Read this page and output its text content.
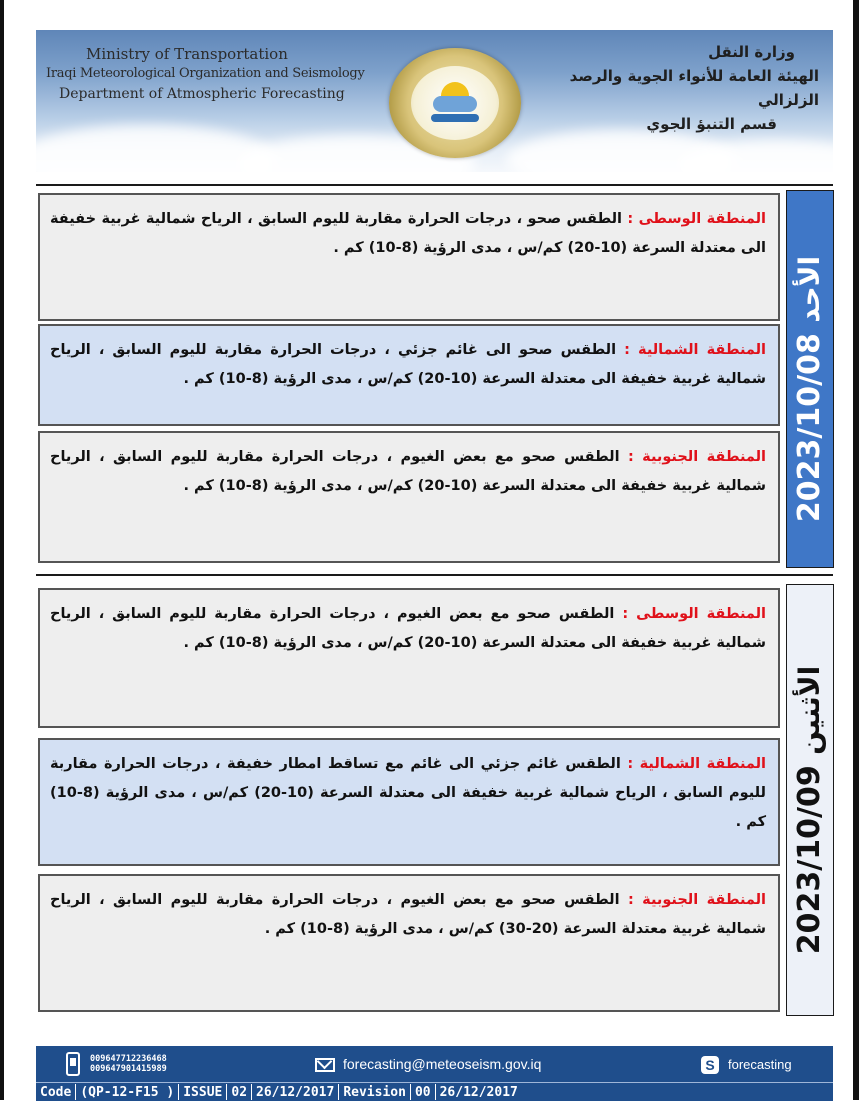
Ministry of Transportation
Iraqi Meteorological Organization and Seismology
Department of Atmospheric Forecasting
وزارة النقل
الهيئة العامة للأنواء الجوية والرصد الزلزالي
قسم التنبؤ الجوي
الأحد 2023/10/08
المنطقة الوسطى : الطقس صحو ، درجات الحرارة مقاربة لليوم السابق ، الرياح شمالية غربية خفيفة الى معتدلة السرعة (10-20) كم/س ، مدى الرؤية (8-10) كم .
المنطقة الشمالية : الطقس صحو الى غائم جزئي ، درجات الحرارة مقاربة لليوم السابق ، الرياح شمالية غربية خفيفة الى معتدلة السرعة (10-20) كم/س ، مدى الرؤية (8-10) كم .
المنطقة الجنوبية : الطقس صحو مع بعض الغيوم ، درجات الحرارة مقاربة لليوم السابق ، الرياح شمالية غربية خفيفة الى معتدلة السرعة (10-20) كم/س ، مدى الرؤية (8-10) كم .
الأثنين 2023/10/09
المنطقة الوسطى : الطقس صحو مع بعض الغيوم ، درجات الحرارة مقاربة لليوم السابق ، الرياح شمالية غربية خفيفة الى معتدلة السرعة (10-20) كم/س ، مدى الرؤية (8-10) كم .
المنطقة الشمالية : الطقس غائم جزئي الى غائم مع تساقط امطار خفيفة ، درجات الحرارة مقاربة لليوم السابق ، الرياح شمالية غربية خفيفة الى معتدلة السرعة (10-20) كم/س ، مدى الرؤية (8-10) كم .
المنطقة الجنوبية : الطقس صحو مع بعض الغيوم ، درجات الحرارة مقاربة لليوم السابق ، الرياح شمالية غربية معتدلة السرعة (20-30) كم/س ، مدى الرؤية (8-10) كم .
009647712236468
009647901415989	forecasting@meteoseism.gov.iq	S	forecasting
Code (QP-12-F15 ) ISSUE 02 26/12/2017 Revision 00 26/12/2017
